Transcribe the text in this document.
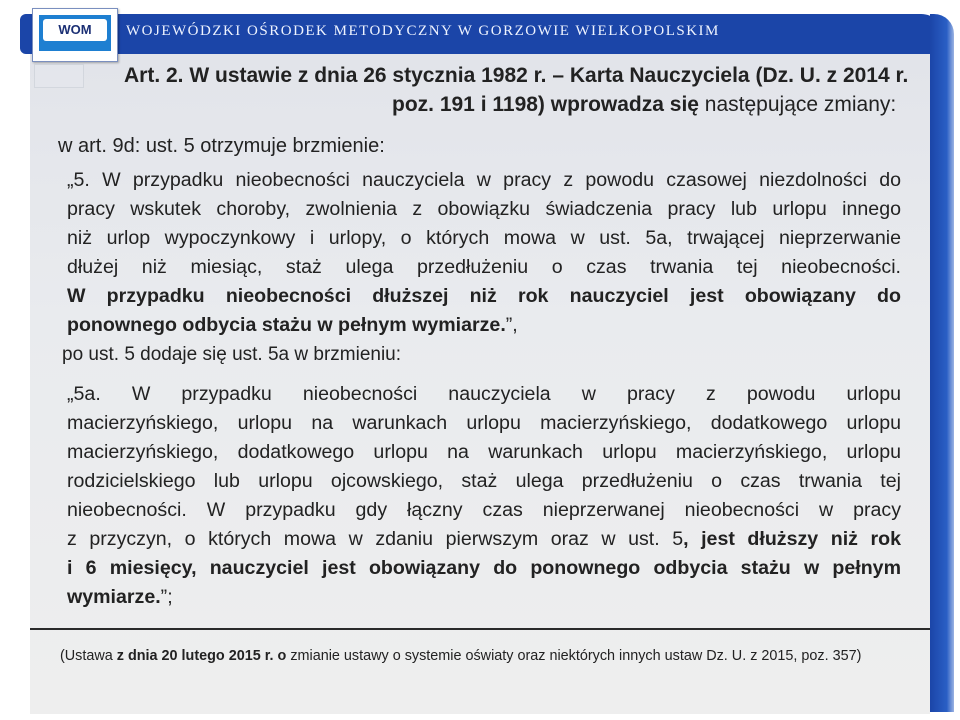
WOJEWÓDZKI OŚRODEK METODYCZNY W GORZOWIE WIELKOPOLSKIM
WOM
Art. 2. W ustawie z dnia 26 stycznia 1982 r. – Karta Nauczyciela (Dz. U. z 2014 r.
poz. 191 i 1198) wprowadza się następujące zmiany:
w art. 9d: ust. 5 otrzymuje brzmienie:
„5. W przypadku nieobecności nauczyciela w pracy z powodu czasowej niezdolności do
pracy wskutek choroby, zwolnienia z obowiązku świadczenia pracy lub urlopu innego
niż urlop wypoczynkowy i urlopy, o których mowa w ust. 5a, trwającej nieprzerwanie
dłużej niż miesiąc, staż ulega przedłużeniu o czas trwania tej nieobecności.
W przypadku nieobecności dłuższej niż rok nauczyciel jest obowiązany do
ponownego odbycia stażu w pełnym wymiarze.”,
po ust. 5 dodaje się ust. 5a w brzmieniu:
„5a. W przypadku nieobecności nauczyciela w pracy z powodu urlopu
macierzyńskiego, urlopu na warunkach urlopu macierzyńskiego, dodatkowego urlopu
macierzyńskiego, dodatkowego urlopu na warunkach urlopu macierzyńskiego, urlopu
rodzicielskiego lub urlopu ojcowskiego, staż ulega przedłużeniu o czas trwania tej
nieobecności. W przypadku gdy łączny czas nieprzerwanej nieobecności w pracy
z przyczyn, o których mowa w zdaniu pierwszym oraz w ust. 5, jest dłuższy niż rok
i 6 miesięcy, nauczyciel jest obowiązany do ponownego odbycia stażu w pełnym
wymiarze.”;
(Ustawa z dnia 20 lutego 2015 r. o zmianie ustawy o systemie oświaty oraz niektórych innych ustaw Dz. U. z 2015, poz. 357)
